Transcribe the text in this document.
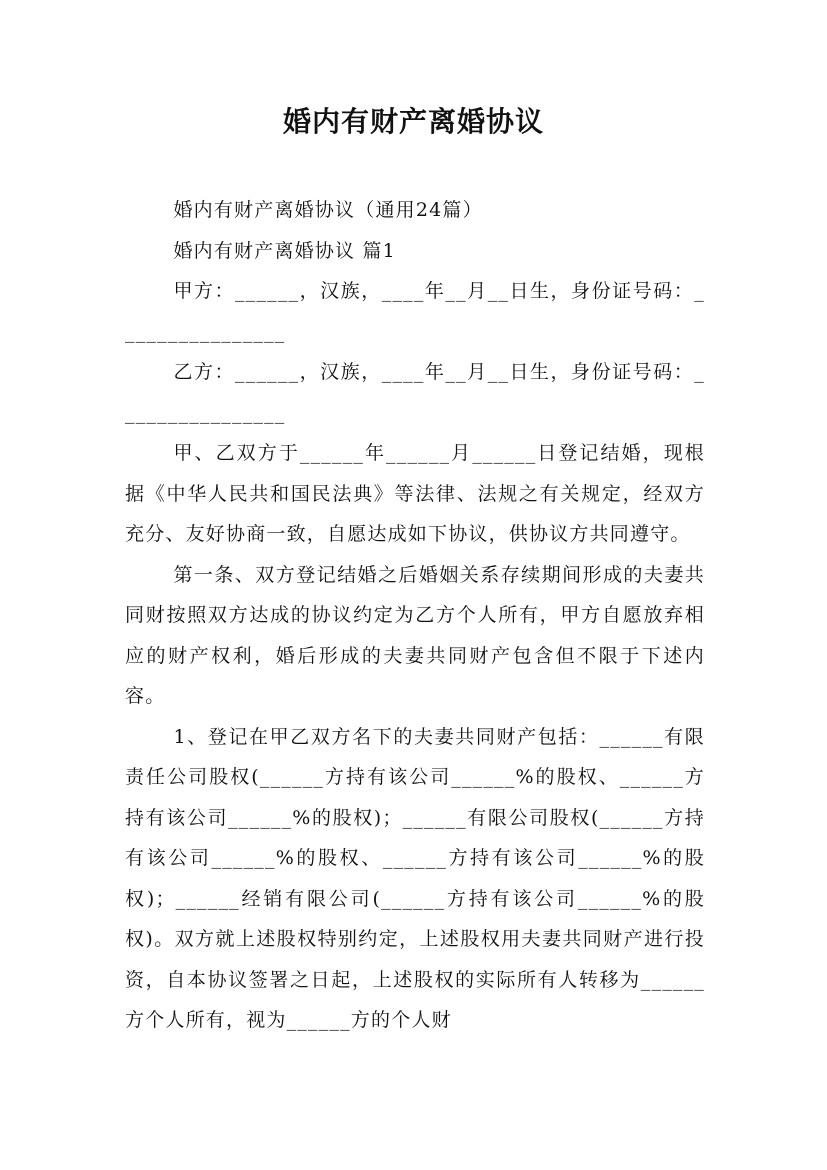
婚内有财产离婚协议

婚内有财产离婚协议（通用24篇）

婚内有财产离婚协议 篇1

甲方：______，汉族，____年__月__日生，身份证号码：________________

乙方：______，汉族，____年__月__日生，身份证号码：________________

甲、乙双方于______年______月______日登记结婚，现根据《中华人民共和国民法典》等法律、法规之有关规定，经双方充分、友好协商一致，自愿达成如下协议，供协议方共同遵守。

第一条、双方登记结婚之后婚姻关系存续期间形成的夫妻共同财按照双方达成的协议约定为乙方个人所有，甲方自愿放弃相应的财产权利，婚后形成的夫妻共同财产包含但不限于下述内容。

1、登记在甲乙双方名下的夫妻共同财产包括：______有限责任公司股权(______方持有该公司______%的股权、______方持有该公司______%的股权)；______有限公司股权(______方持有该公司______%的股权、______方持有该公司______%的股权)；______经销有限公司(______方持有该公司______%的股权)。双方就上述股权特别约定，上述股权用夫妻共同财产进行投资，自本协议签署之日起，上述股权的实际所有人转移为______方个人所有，视为______方的个人财
